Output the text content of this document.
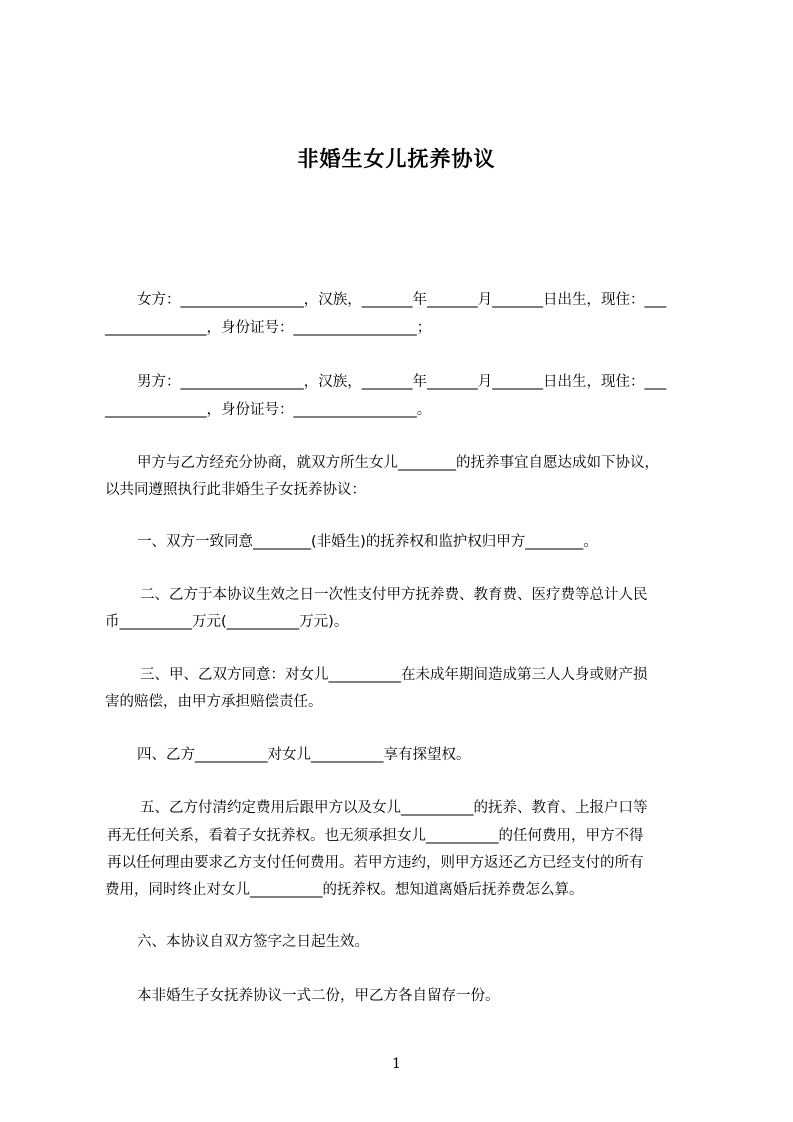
非婚生女儿抚养协议
女方：_________________，汉族，_______年_______月_______日出生，现住：___
______________，身份证号：_________________；
男方：_________________，汉族，_______年_______月_______日出生，现住：___
______________，身份证号：_________________。
甲方与乙方经充分协商，就双方所生女儿________的抚养事宜自愿达成如下协议，
以共同遵照执行此非婚生子女抚养协议：
一、双方一致同意________(非婚生)的抚养权和监护权归甲方________。
二、乙方于本协议生效之日一次性支付甲方抚养费、教育费、医疗费等总计人民
币__________万元(__________万元)。
三、甲、乙双方同意：对女儿__________在未成年期间造成第三人人身或财产损
害的赔偿，由甲方承担赔偿责任。
四、乙方__________对女儿__________享有探望权。
五、乙方付清约定费用后跟甲方以及女儿__________的抚养、教育、上报户口等
再无任何关系，看着子女抚养权。也无须承担女儿__________的任何费用，甲方不得
再以任何理由要求乙方支付任何费用。若甲方违约，则甲方返还乙方已经支付的所有
费用，同时终止对女儿__________的抚养权。想知道离婚后抚养费怎么算。
六、本协议自双方签字之日起生效。
本非婚生子女抚养协议一式二份，甲乙方各自留存一份。
1
